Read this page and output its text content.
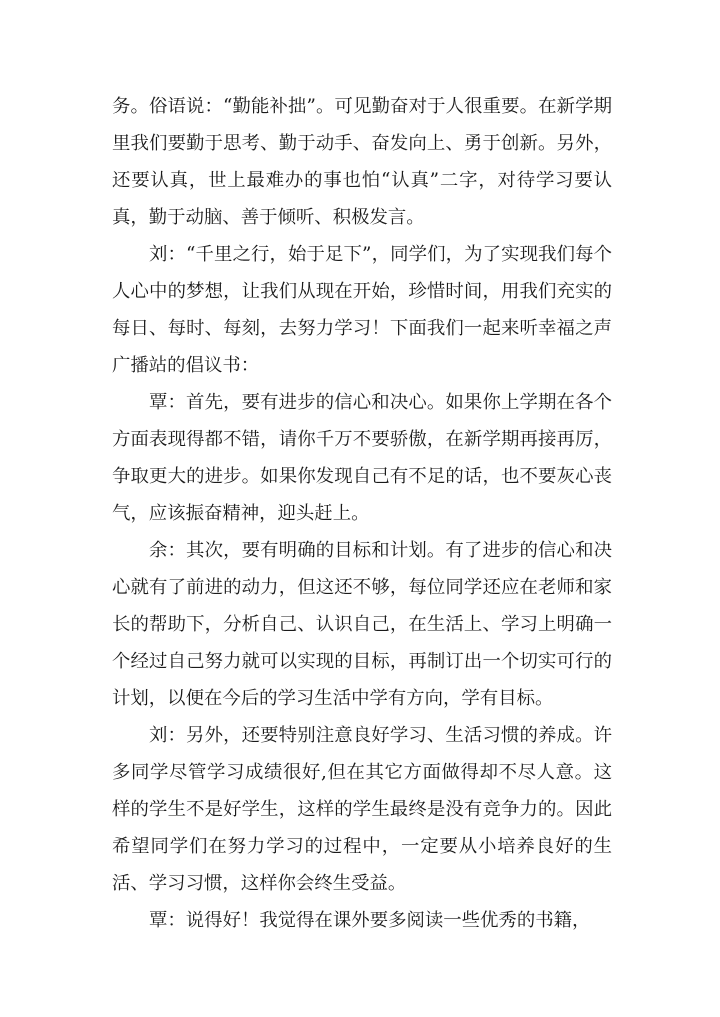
务。俗语说：“勤能补拙”。可见勤奋对于人很重要。在新学期里我们要勤于思考、勤于动手、奋发向上、勇于创新。另外，还要认真，世上最难办的事也怕“认真”二字，对待学习要认真，勤于动脑、善于倾听、积极发言。

刘：“千里之行，始于足下”，同学们，为了实现我们每个人心中的梦想，让我们从现在开始，珍惜时间，用我们充实的每日、每时、每刻，去努力学习！下面我们一起来听幸福之声广播站的倡议书：

覃：首先，要有进步的信心和决心。如果你上学期在各个方面表现得都不错，请你千万不要骄傲，在新学期再接再厉，争取更大的进步。如果你发现自己有不足的话，也不要灰心丧气，应该振奋精神，迎头赶上。

余：其次，要有明确的目标和计划。有了进步的信心和决心就有了前进的动力，但这还不够，每位同学还应在老师和家长的帮助下，分析自己、认识自己，在生活上、学习上明确一个经过自己努力就可以实现的目标，再制订出一个切实可行的计划，以便在今后的学习生活中学有方向，学有目标。

刘：另外，还要特别注意良好学习、生活习惯的养成。许多同学尽管学习成绩很好,但在其它方面做得却不尽人意。这样的学生不是好学生，这样的学生最终是没有竞争力的。因此希望同学们在努力学习的过程中，一定要从小培养良好的生活、学习习惯，这样你会终生受益。

覃：说得好！我觉得在课外要多阅读一些优秀的书籍，
